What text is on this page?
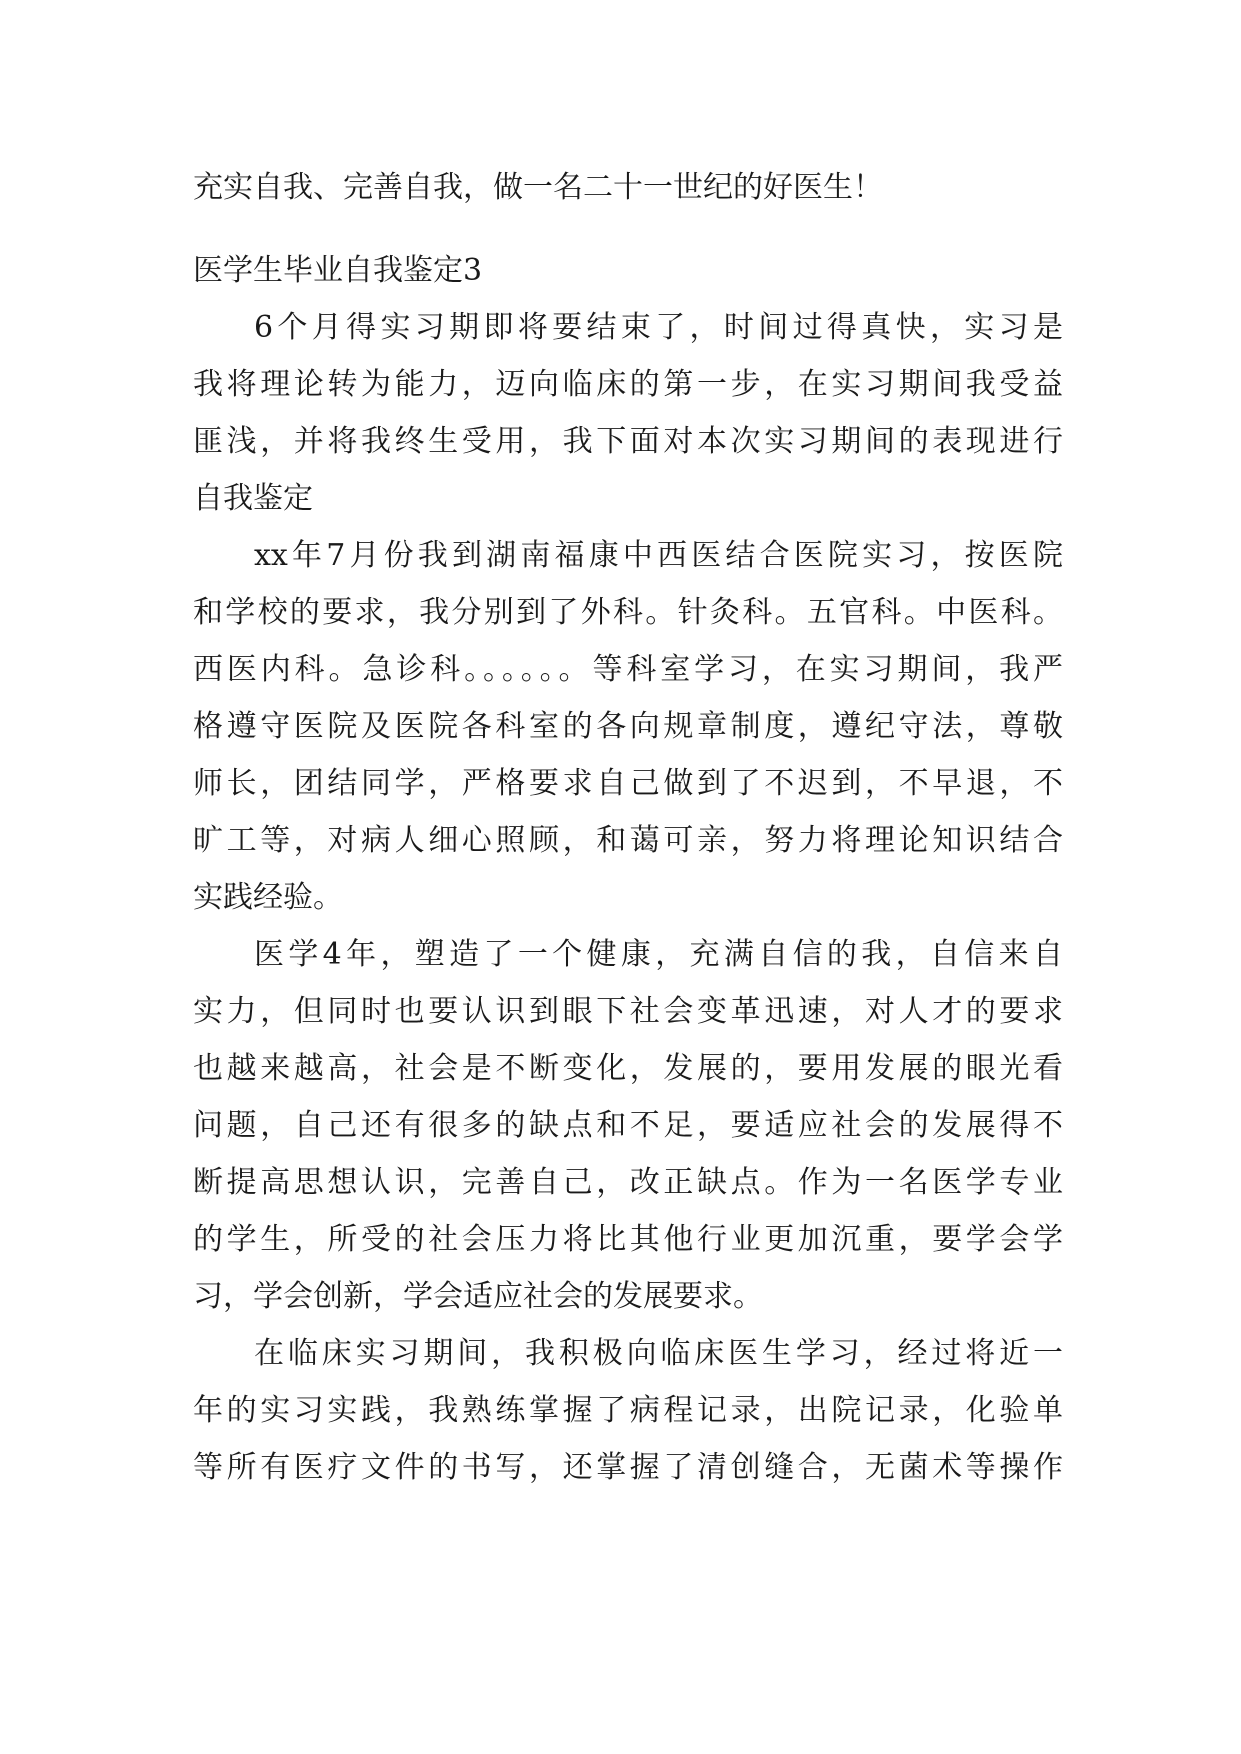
充实自我、完善自我，做一名二十一世纪的好医生！
医学生毕业自我鉴定3
6个月得实习期即将要结束了，时间过得真快，实习是
我将理论转为能力，迈向临床的第一步，在实习期间我受益
匪浅，并将我终生受用，我下面对本次实习期间的表现进行
自我鉴定
xx年7月份我到湖南福康中西医结合医院实习，按医院
和学校的要求，我分别到了外科。针灸科。五官科。中医科。
西医内科。急诊科。。。。。。等科室学习，在实习期间，我严
格遵守医院及医院各科室的各向规章制度，遵纪守法，尊敬
师长，团结同学，严格要求自己做到了不迟到，不早退，不
旷工等，对病人细心照顾，和蔼可亲，努力将理论知识结合
实践经验。
医学4年，塑造了一个健康，充满自信的我，自信来自
实力，但同时也要认识到眼下社会变革迅速，对人才的要求
也越来越高，社会是不断变化，发展的，要用发展的眼光看
问题，自己还有很多的缺点和不足，要适应社会的发展得不
断提高思想认识，完善自己，改正缺点。作为一名医学专业
的学生，所受的社会压力将比其他行业更加沉重，要学会学
习，学会创新，学会适应社会的发展要求。
在临床实习期间，我积极向临床医生学习，经过将近一
年的实习实践，我熟练掌握了病程记录，出院记录，化验单
等所有医疗文件的书写，还掌握了清创缝合，无菌术等操作
